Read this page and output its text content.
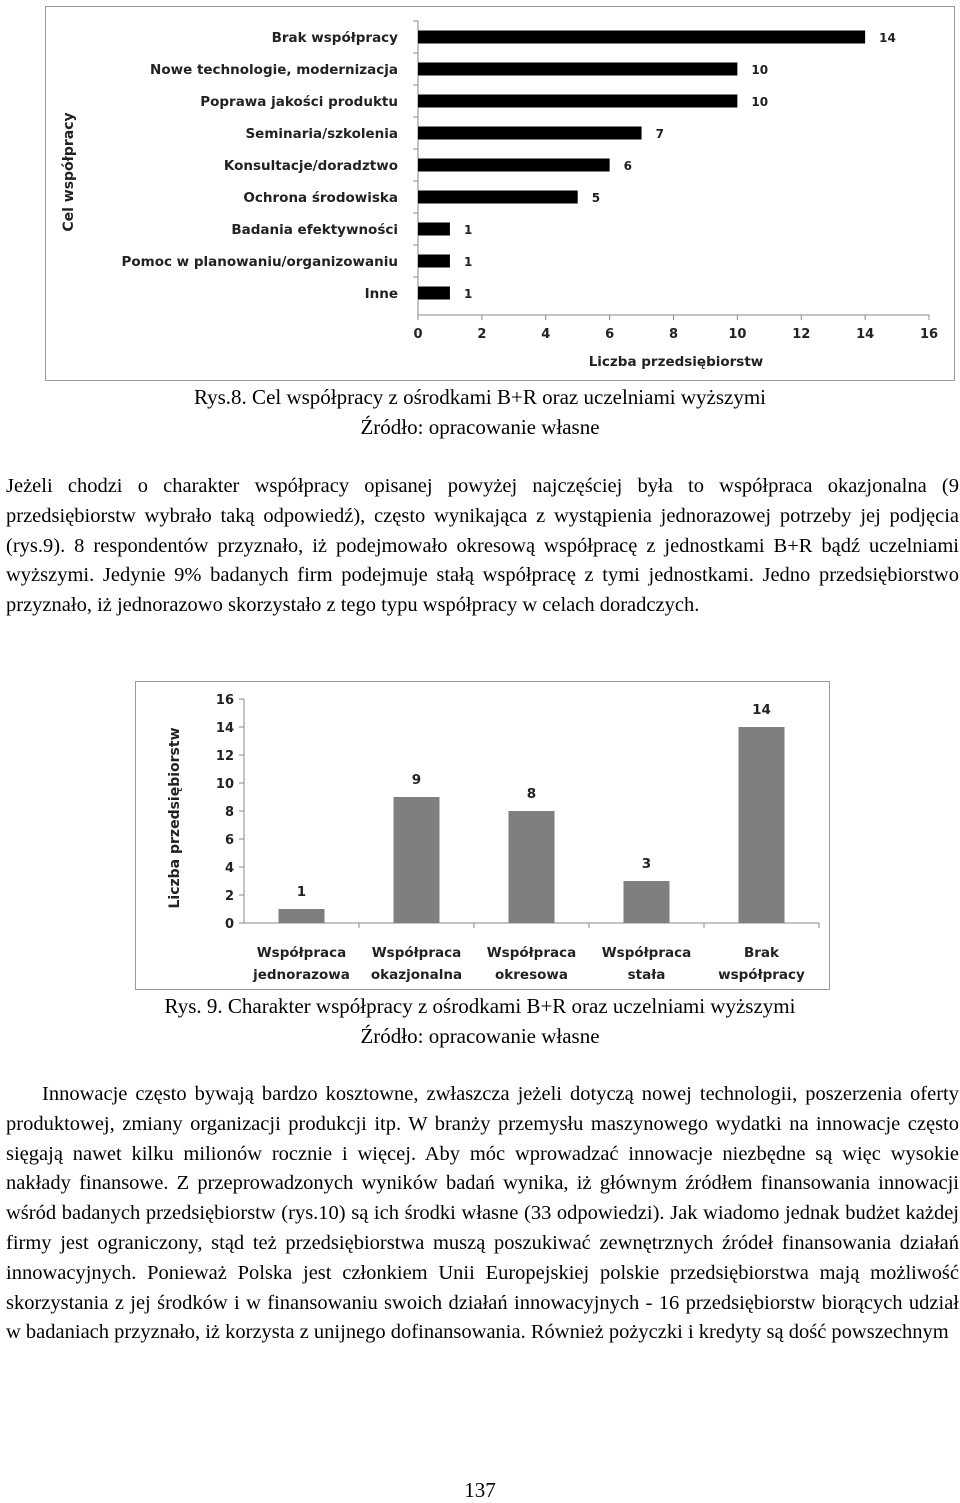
Brak współpracy	14
Nowe technologie, modernizacja	10
Poprawa jakości produktu	10
Seminaria/szkolenia	7
Konsultacje/doradztwo	6
Ochrona środowiska	5
Badania efektywności	1
Pomoc w planowaniu/organizowaniu	1
Inne	1
0	2	4	6	8	10	12	14	16
Liczba przedsiębiorstw
Cel współpracy
Rys.8. Cel współpracy z ośrodkami B+R oraz uczelniami wyższymi
Źródło: opracowanie własne

Jeżeli chodzi o charakter współpracy opisanej powyżej najczęściej była to współpraca okazjonalna (9 przedsiębiorstw wybrało taką odpowiedź), często wynikająca z wystąpienia jednorazowej potrzeby jej podjęcia (rys.9). 8 respondentów przyznało, iż podejmowało okresową współpracę z jednostkami B+R bądź uczelniami wyższymi. Jedynie 9% badanych firm podejmuje stałą współpracę z tymi jednostkami. Jedno przedsiębiorstwo przyznało, iż jednorazowo skorzystało z tego typu współpracy w celach doradczych.

0
2
4
6
8
10
12
14
16
1
Współpraca
jednorazowa
9
Współpraca
okazjonalna
8
Współpraca
okresowa
3
Współpraca
stała
14
Brak
współpracy
Liczba przedsiębiorstw
Rys. 9. Charakter współpracy z ośrodkami B+R oraz uczelniami wyższymi
Źródło: opracowanie własne
Innowacje często bywają bardzo kosztowne, zwłaszcza jeżeli dotyczą nowej technologii, poszerzenia oferty produktowej, zmiany organizacji produkcji itp. W branży przemysłu maszynowego wydatki na innowacje często sięgają nawet kilku milionów rocznie i więcej. Aby móc wprowadzać innowacje niezbędne są więc wysokie nakłady finansowe. Z przeprowadzonych wyników badań wynika, iż głównym źródłem finansowania innowacji wśród badanych przedsiębiorstw (rys.10) są ich środki własne (33 odpowiedzi). Jak wiadomo jednak budżet każdej firmy jest ograniczony, stąd też przedsiębiorstwa muszą poszukiwać zewnętrznych źródeł finansowania działań innowacyjnych. Ponieważ Polska jest członkiem Unii Europejskiej polskie przedsiębiorstwa mają możliwość skorzystania z jej środków i w finansowaniu swoich działań innowacyjnych - 16 przedsiębiorstw biorących udział w badaniach przyznało, iż korzysta z unijnego dofinansowania. Również pożyczki i kredyty są dość powszechnym
137
